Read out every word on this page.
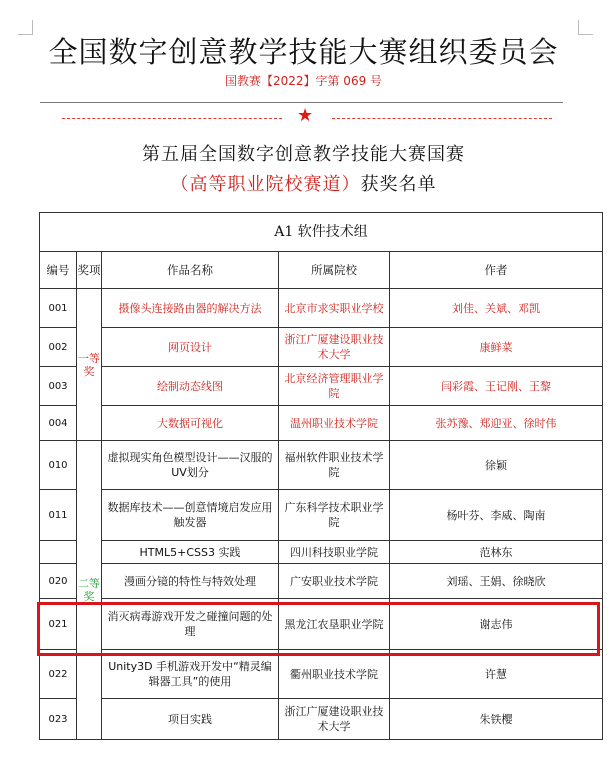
全国数字创意教学技能大赛组织委员会
国教赛【2022】字第 069 号
★
第五届全国数字创意教学技能大赛国赛
（高等职业院校赛道）获奖名单
A1 软件技术组				
编号	奖项	作品名称	所属院校	作者
001	一等奖	摄像头连接路由器的解决方法	北京市求实职业学校	刘佳、关斌、邓凯
002		网页设计	浙江广厦建设职业技术大学	康鲜菜
003		绘制动态线图	北京经济管理职业学院	闫彩霞、王记刚、王黎
004		大数据可视化	温州职业技术学院	张苏豫、郑迎亚、徐时伟
010	二等奖	虚拟现实角色模型设计——汉服的UV划分	福州软件职业技术学院	徐颖
011		数据库技术——创意情境启发应用触发器	广东科学技术职业学院	杨叶芬、李威、陶南
		HTML5+CSS3 实践	四川科技职业学院	范林东
020		漫画分镜的特性与特效处理	广安职业技术学院	刘瑶、王娟、徐晓欣
021		消灭病毒游戏开发之碰撞问题的处理	黑龙江农垦职业学院	谢志伟
022		Unity3D 手机游戏开发中“精灵编辑器工具”的使用	衢州职业技术学院	许慧
023		项目实践	浙江广厦建设职业技术大学	朱铁樱
